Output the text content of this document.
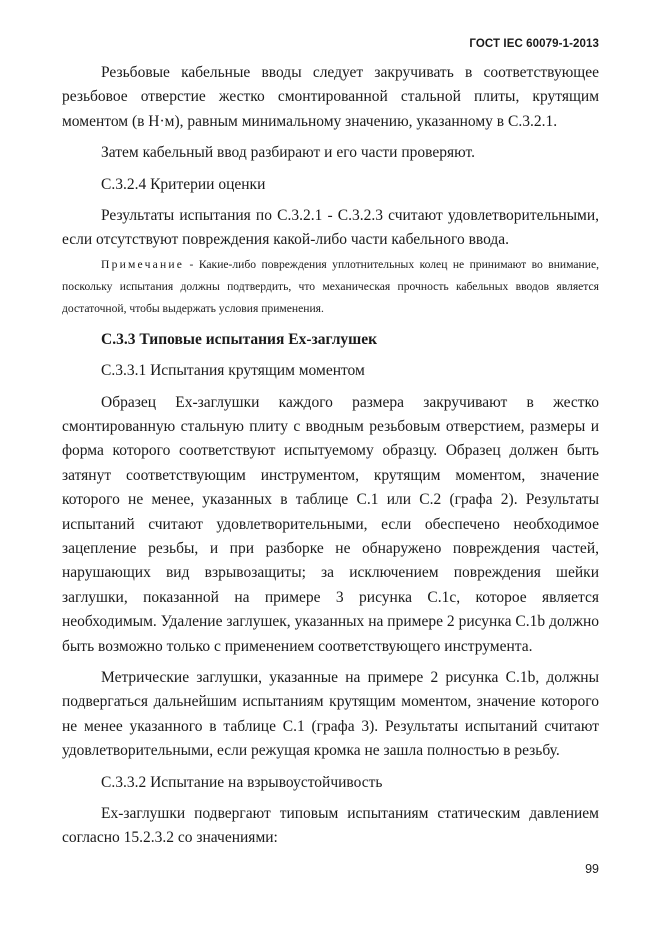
ГОСТ IEC 60079-1-2013

Резьбовые кабельные вводы следует закручивать в соответствующее резьбовое отверстие жестко смонтированной стальной плиты, крутящим моментом (в Н·м), равным минимальному значению, указанному в C.3.2.1.

Затем кабельный ввод разбирают и его части проверяют.

C.3.2.4 Критерии оценки

Результаты испытания по C.3.2.1 - C.3.2.3 считают удовлетворительными, если отсутствуют повреждения какой-либо части кабельного ввода.

Примечание - Какие-либо повреждения уплотнительных колец не принимают во внимание, поскольку испытания должны подтвердить, что механическая прочность кабельных вводов является достаточной, чтобы выдержать условия применения.

C.3.3 Типовые испытания Ex-заглушек

C.3.3.1 Испытания крутящим моментом

Образец Ex-заглушки каждого размера закручивают в жестко смонтированную стальную плиту с вводным резьбовым отверстием, размеры и форма которого соответствуют испытуемому образцу. Образец должен быть затянут соответствующим инструментом, крутящим моментом, значение которого не менее, указанных в таблице C.1 или C.2 (графа 2). Результаты испытаний считают удовлетворительными, если обеспечено необходимое зацепление резьбы, и при разборке не обнаружено повреждения частей, нарушающих вид взрывозащиты; за исключением повреждения шейки заглушки, показанной на примере 3 рисунка C.1c, которое является необходимым. Удаление заглушек, указанных на примере 2 рисунка C.1b должно быть возможно только с применением соответствующего инструмента.

Метрические заглушки, указанные на примере 2 рисунка C.1b, должны подвергаться дальнейшим испытаниям крутящим моментом, значение которого не менее указанного в таблице C.1 (графа 3). Результаты испытаний считают удовлетворительными, если режущая кромка не зашла полностью в резьбу.

C.3.3.2 Испытание на взрывоустойчивость

Ex-заглушки подвергают типовым испытаниям статическим давлением согласно 15.2.3.2 со значениями:

99
